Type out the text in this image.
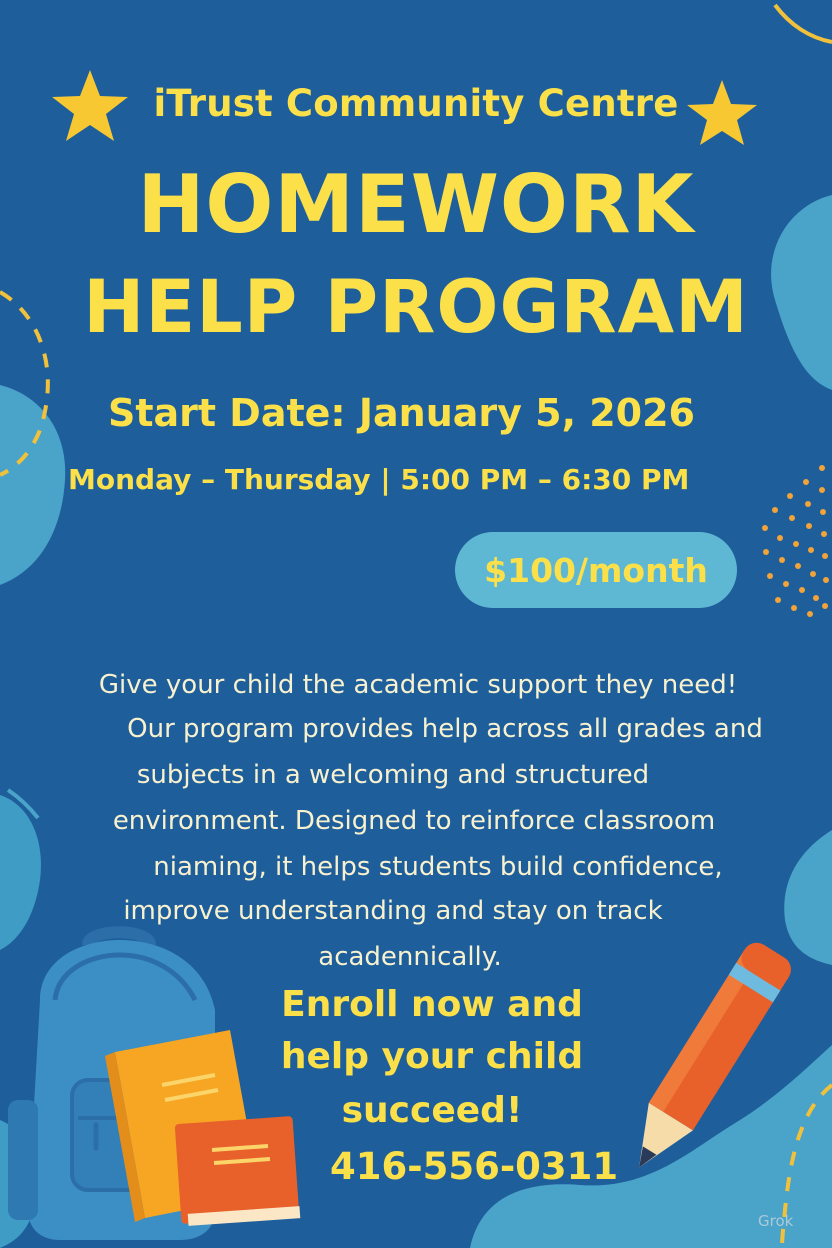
iTrust Community Centre

HOMEWORK
HELP PROGRAM

Start Date: January 5, 2026

Monday – Thursday | 5:00 PM – 6:30 PM

$100/month

Give your child the academic support they need!

Our program provides help across all grades and

subjects in a welcoming and structured

environment. Designed to reinforce classroom

niaming, it helps students build confidence,

improve understanding and stay on track

acadennically.

Enroll now and

help your child

succeed!

416-556-0311

Grok
